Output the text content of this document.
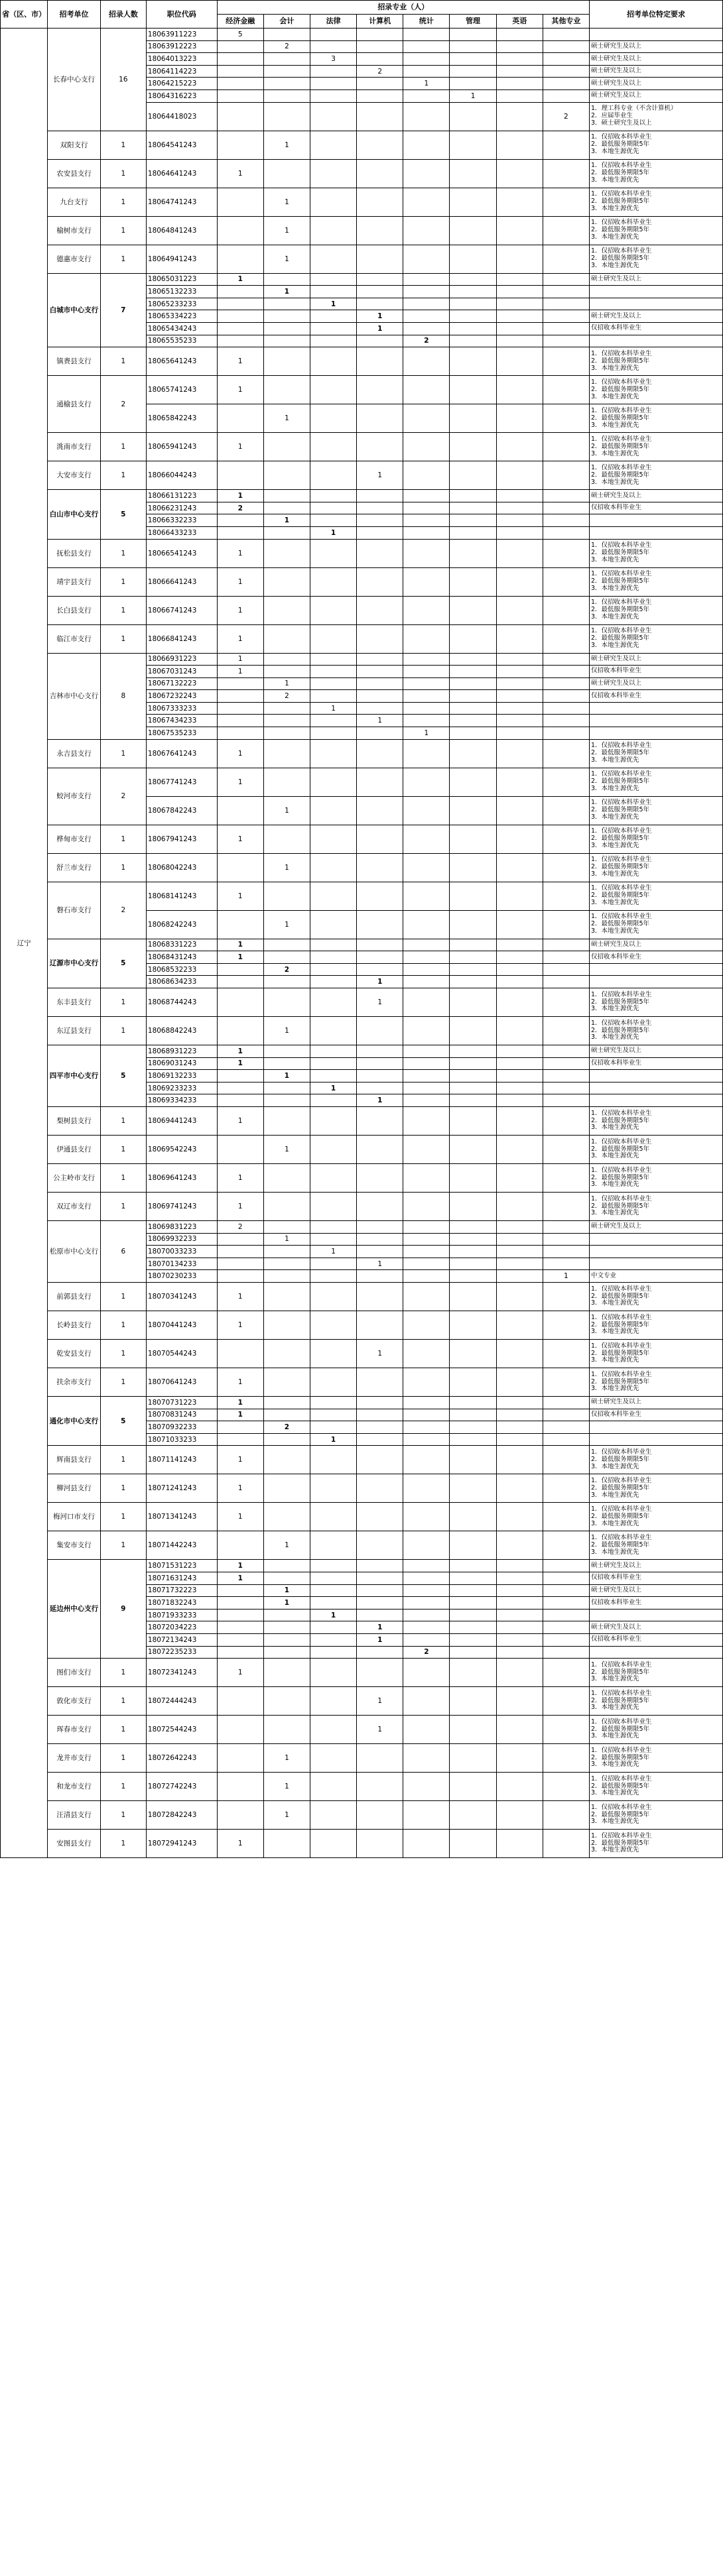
省（区、市）	招考单位	招录人数	职位代码	招录专业（人）								招考单位特定要求
				经济金融	会计	法律	计算机	统计	管理	英语	其他专业	
辽宁	长春中心支行	16	18063911223	5								
			18063912223		2							硕士研究生及以上

			18064013223			3						硕士研究生及以上

			18064114223				2					硕士研究生及以上

			18064215223					1				硕士研究生及以上

			18064316223						1			硕士研究生及以上

			18064418023								2	1．理工科专业（不含计算机）
2．应届毕业生
3．硕士研究生及以上

	双阳支行	1	18064541243		1							1．仅招收本科毕业生
2．最低服务期限5年
3．本地生源优先

	农安县支行	1	18064641243	1								1．仅招收本科毕业生
2．最低服务期限5年
3．本地生源优先

	九台支行	1	18064741243		1							1．仅招收本科毕业生
2．最低服务期限5年
3．本地生源优先

	榆树市支行	1	18064841243		1							1．仅招收本科毕业生
2．最低服务期限5年
3．本地生源优先

	德惠市支行	1	18064941243		1							1．仅招收本科毕业生
2．最低服务期限5年
3．本地生源优先

	白城市中心支行	7	18065031223	1								硕士研究生及以上

			18065132233		1							
			18065233233			1						
			18065334223				1					硕士研究生及以上

			18065434243				1					仅招收本科毕业生

			18065535233					2				
	镇赉县支行	1	18065641243	1								1．仅招收本科毕业生
2．最低服务期限5年
3．本地生源优先

	通榆县支行	2	18065741243	1								1．仅招收本科毕业生
2．最低服务期限5年
3．本地生源优先

			18065842243		1							1．仅招收本科毕业生
2．最低服务期限5年
3．本地生源优先

	洮南市支行	1	18065941243	1								1．仅招收本科毕业生
2．最低服务期限5年
3．本地生源优先

	大安市支行	1	18066044243				1					1．仅招收本科毕业生
2．最低服务期限5年
3．本地生源优先

	白山市中心支行	5	18066131223	1								硕士研究生及以上

			18066231243	2								仅招收本科毕业生

			18066332233		1							
			18066433233			1						
	抚松县支行	1	18066541243	1								1．仅招收本科毕业生
2．最低服务期限5年
3．本地生源优先

	靖宇县支行	1	18066641243	1								1．仅招收本科毕业生
2．最低服务期限5年
3．本地生源优先

	长白县支行	1	18066741243	1								1．仅招收本科毕业生
2．最低服务期限5年
3．本地生源优先

	临江市支行	1	18066841243	1								1．仅招收本科毕业生
2．最低服务期限5年
3．本地生源优先

	吉林市中心支行	8	18066931223	1								硕士研究生及以上

			18067031243	1								仅招收本科毕业生

			18067132223		1							硕士研究生及以上

			18067232243		2							仅招收本科毕业生

			18067333233			1						
			18067434233				1					
			18067535233					1				
	永吉县支行	1	18067641243	1								1．仅招收本科毕业生
2．最低服务期限5年
3．本地生源优先

	蛟河市支行	2	18067741243	1								1．仅招收本科毕业生
2．最低服务期限5年
3．本地生源优先

			18067842243		1							1．仅招收本科毕业生
2．最低服务期限5年
3．本地生源优先

	桦甸市支行	1	18067941243	1								1．仅招收本科毕业生
2．最低服务期限5年
3．本地生源优先

	舒兰市支行	1	18068042243		1							1．仅招收本科毕业生
2．最低服务期限5年
3．本地生源优先

	磐石市支行	2	18068141243	1								1．仅招收本科毕业生
2．最低服务期限5年
3．本地生源优先

			18068242243		1							1．仅招收本科毕业生
2．最低服务期限5年
3．本地生源优先

	辽源市中心支行	5	18068331223	1								硕士研究生及以上

			18068431243	1								仅招收本科毕业生

			18068532233		2							
			18068634233				1					
	东丰县支行	1	18068744243				1					1．仅招收本科毕业生
2．最低服务期限5年
3．本地生源优先

	东辽县支行	1	18068842243		1							1．仅招收本科毕业生
2．最低服务期限5年
3．本地生源优先

	四平市中心支行	5	18068931223	1								硕士研究生及以上

			18069031243	1								仅招收本科毕业生

			18069132233		1							
			18069233233			1						
			18069334233				1					
	梨树县支行	1	18069441243	1								1．仅招收本科毕业生
2．最低服务期限5年
3．本地生源优先

	伊通县支行	1	18069542243		1							1．仅招收本科毕业生
2．最低服务期限5年
3．本地生源优先

	公主岭市支行	1	18069641243	1								1．仅招收本科毕业生
2．最低服务期限5年
3．本地生源优先

	双辽市支行	1	18069741243	1								1．仅招收本科毕业生
2．最低服务期限5年
3．本地生源优先

	松原市中心支行	6	18069831223	2								硕士研究生及以上

			18069932233		1							
			18070033233			1						
			18070134233				1					
			18070230233								1	中文专业

	前郭县支行	1	18070341243	1								1．仅招收本科毕业生
2．最低服务期限5年
3．本地生源优先

	长岭县支行	1	18070441243	1								1．仅招收本科毕业生
2．最低服务期限5年
3．本地生源优先

	乾安县支行	1	18070544243				1					1．仅招收本科毕业生
2．最低服务期限5年
3．本地生源优先

	扶余市支行	1	18070641243	1								1．仅招收本科毕业生
2．最低服务期限5年
3．本地生源优先

	通化市中心支行	5	18070731223	1								硕士研究生及以上

			18070831243	1								仅招收本科毕业生

			18070932233		2							
			18071033233			1						
	辉南县支行	1	18071141243	1								1．仅招收本科毕业生
2．最低服务期限5年
3．本地生源优先

	柳河县支行	1	18071241243	1								1．仅招收本科毕业生
2．最低服务期限5年
3．本地生源优先

	梅河口市支行	1	18071341243	1								1．仅招收本科毕业生
2．最低服务期限5年
3．本地生源优先

	集安市支行	1	18071442243		1							1．仅招收本科毕业生
2．最低服务期限5年
3．本地生源优先

	延边州中心支行	9	18071531223	1								硕士研究生及以上

			18071631243	1								仅招收本科毕业生

			18071732223		1							硕士研究生及以上

			18071832243		1							仅招收本科毕业生

			18071933233			1						
			18072034223				1					硕士研究生及以上

			18072134243				1					仅招收本科毕业生

			18072235233					2				
	图们市支行	1	18072341243	1								1．仅招收本科毕业生
2．最低服务期限5年
3．本地生源优先

	敦化市支行	1	18072444243				1					1．仅招收本科毕业生
2．最低服务期限5年
3．本地生源优先

	珲春市支行	1	18072544243				1					1．仅招收本科毕业生
2．最低服务期限5年
3．本地生源优先

	龙井市支行	1	18072642243		1							1．仅招收本科毕业生
2．最低服务期限5年
3．本地生源优先

	和龙市支行	1	18072742243		1							1．仅招收本科毕业生
2．最低服务期限5年
3．本地生源优先

	汪清县支行	1	18072842243		1							1．仅招收本科毕业生
2．最低服务期限5年
3．本地生源优先

	安图县支行	1	18072941243	1								1．仅招收本科毕业生
2．最低服务期限5年
3．本地生源优先
